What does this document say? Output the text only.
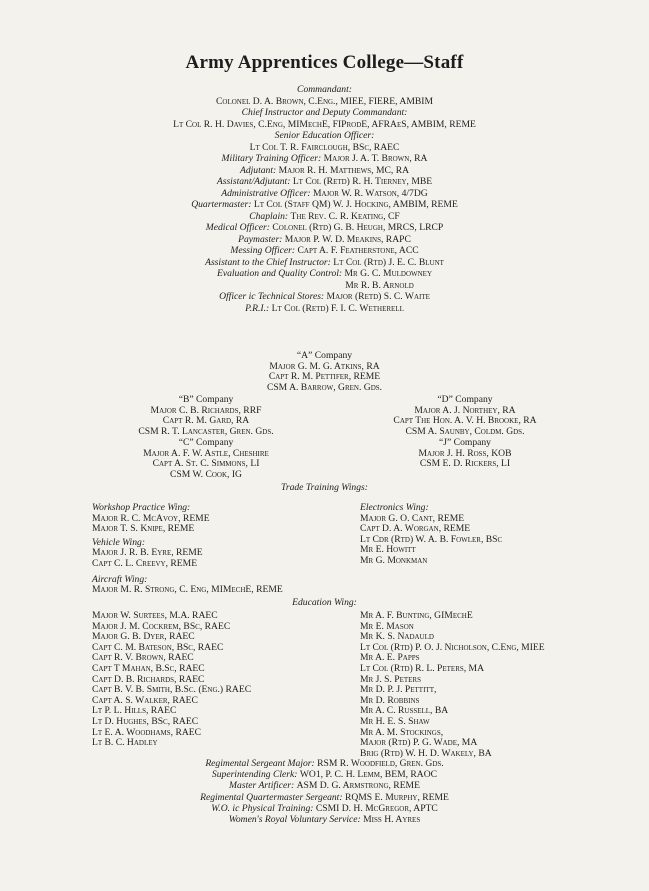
Army Apprentices College—Staff
Commandant:
Colonel D. A. Brown, C.Eng., MIEE, FIERE, AMBIM
Chief Instructor and Deputy Commandant:
Lt Col R. H. Davies, C.Eng, MIMechE, FIProdE, AFRAeS, AMBIM, REME
Senior Education Officer:
Lt Col T. R. Fairclough, BSc, RAEC
Military Training Officer: Major J. A. T. Brown, RA
Adjutant: Major R. H. Matthews, MC, RA
Assistant/Adjutant: Lt Col (Retd) R. H. Tierney, MBE
Administrative Officer: Major W. R. Watson, 4/7DG
Quartermaster: Lt Col (Staff QM) W. J. Hocking, AMBIM, REME
Chaplain: The Rev. C. R. Keating, CF
Medical Officer: Colonel (Rtd) G. B. Heugh, MRCS, LRCP
Paymaster: Major P. W. D. Meakins, RAPC
Messing Officer: Capt A. F. Featherstone, ACC
Assistant to the Chief Instructor: Lt Col (Rtd) J. E. C. Blunt
Evaluation and Quality Control: Mr G. C. Muldowney
Mr R. B. Arnold
Officer ic Technical Stores: Major (Retd) S. C. Waite
P.R.I.: Lt Col (Retd) F. I. C. Wetherell
“A” Company
Major G. M. G. Atkins, RA
Capt R. M. Pettifer, REME
CSM A. Barrow, Gren. Gds.
“B” Company
Major C. B. Richards, RRF
Capt R. M. Gard, RA
CSM R. T. Lancaster, Gren. Gds.
“C” Company
Major A. F. W. Astle, Cheshire
Capt A. St. C. Simmons, LI
CSM W. Cook, IG
“D” Company
Major A. J. Northey, RA
Capt The Hon. A. V. H. Brooke, RA
CSM A. Saunby, Coldm. Gds.
“J” Company
Major J. H. Ross, KOB
CSM E. D. Rickers, LI
Trade Training Wings:
Workshop Practice Wing:
Major R. C. McAvoy, REME
Major T. S. Knipe, REME
Vehicle Wing:
Major J. R. B. Eyre, REME
Capt C. L. Creevy, REME
Aircraft Wing:
Major M. R. Strong, C. Eng, MIMechE, REME
Electronics Wing:
Major G. O. Cant, REME
Capt D. A. Worgan, REME
Lt Cdr (Rtd) W. A. B. Fowler, BSc
Mr E. Howitt
Mr G. Monkman
Education Wing:
Major W. Surtees, M.A. RAEC
Major J. M. Cockrem, BSc, RAEC
Major G. B. Dyer, RAEC
Capt C. M. Bateson, BSc, RAEC
Capt R. V. Brown, RAEC
Capt T Mahan, B.Sc, RAEC
Capt D. B. Richards, RAEC
Capt B. V. B. Smith, B.Sc. (Eng.) RAEC
Capt A. S. Walker, RAEC
Lt P. L. Hills, RAEC
Lt D. Hughes, BSc, RAEC
Lt E. A. Woodhams, RAEC
Lt B. C. Hadley
Mr A. F. Bunting, GIMechE
Mr E. Mason
Mr K. S. Nadauld
Lt Col (Rtd) P. O. J. Nicholson, C.Eng, MIEE
Mr A. E. Papps
Lt Col (Rtd) R. L. Peters, MA
Mr J. S. Peters
Mr D. P. J. Pettitt,
Mr D. Robbins
Mr A. C. Russell, BA
Mr H. E. S. Shaw
Mr A. M. Stockings,
Major (Rtd) P. G. Wade, MA
Brig (Rtd) W. H. D. Wakely, BA
Regimental Sergeant Major: RSM R. Woodfield, Gren. Gds.
Superintending Clerk: WO1, P. C. H. Lemm, BEM, RAOC
Master Artificer: ASM D. G. Armstrong, REME
Regimental Quartermaster Sergeant: RQMS E. Murphy, REME
W.O. ic Physical Training: CSMI D. H. McGregor, APTC
Women's Royal Voluntary Service: Miss H. Ayres
